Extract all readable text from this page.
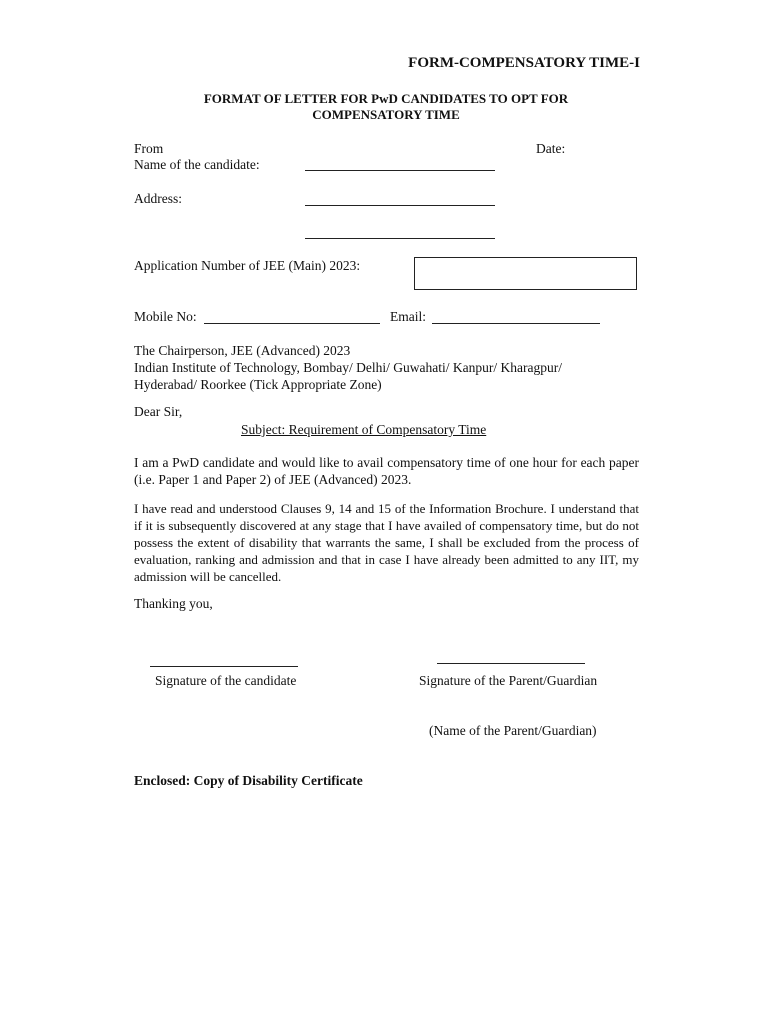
FORM-COMPENSATORY TIME-I
FORMAT OF LETTER FOR PwD CANDIDATES TO OPT FOR
COMPENSATORY TIME
From	Date:
Name of the candidate:
Address:
Application Number of JEE (Main) 2023:
Mobile No:	Email:
The Chairperson, JEE (Advanced) 2023
Indian Institute of Technology, Bombay/ Delhi/ Guwahati/ Kanpur/ Kharagpur/
Hyderabad/ Roorkee (Tick Appropriate Zone)
Dear Sir,
Subject: Requirement of Compensatory Time
I am a PwD candidate and would like to avail compensatory time of one hour for each paper (i.e. Paper 1 and Paper 2) of JEE (Advanced) 2023.
I have read and understood Clauses 9, 14 and 15 of the Information Brochure. I understand that if it is subsequently discovered at any stage that I have availed of compensatory time, but do not possess the extent of disability that warrants the same, I shall be excluded from the process of evaluation, ranking and admission and that in case I have already been admitted to any IIT, my admission will be cancelled.
Thanking you,
Signature of the candidate	Signature of the Parent/Guardian
(Name of the Parent/Guardian)
Enclosed: Copy of Disability Certificate
